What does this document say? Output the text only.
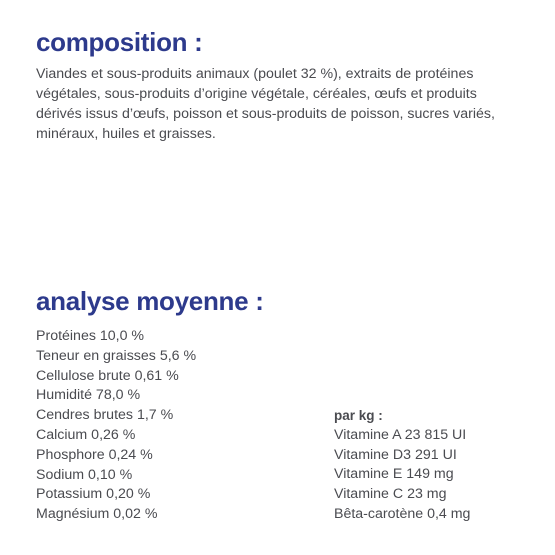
composition :

Viandes et sous-produits animaux (poulet 32 %), extraits de protéines végétales, sous-produits d’origine végétale, céréales, œufs et produits dérivés issus d’œufs, poisson et sous-produits de poisson, sucres variés, minéraux, huiles et graisses.

analyse moyenne :
Protéines 10,0 %
Teneur en graisses 5,6 %
Cellulose brute 0,61 %
Humidité 78,0 %
Cendres brutes 1,7 %
Calcium 0,26 %
Phosphore 0,24 %
Sodium 0,10 %
Potassium 0,20 %
Magnésium 0,02 %
par kg :
Vitamine A 23 815 UI
Vitamine D3 291 UI
Vitamine E 149 mg
Vitamine C 23 mg
Bêta-carotène 0,4 mg
